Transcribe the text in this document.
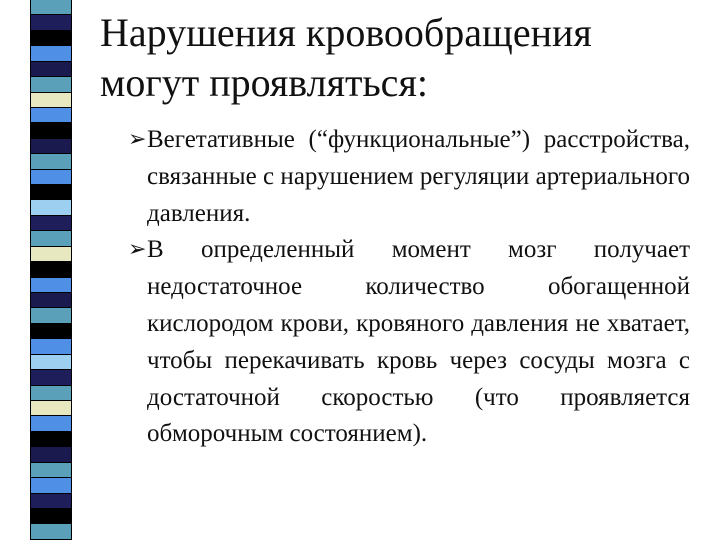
Нарушения кровообращения могут проявляться:
➢
Вегетативные (“функциональные”) расстройства, связанные с нарушением регуляции артериального давления.
➢
В определенный момент мозг получает недостаточное количество обогащенной кислородом крови, кровяного давления не хватает, чтобы перекачивать кровь через сосуды мозга с достаточной скоростью (что проявляется обморочным состоянием).
